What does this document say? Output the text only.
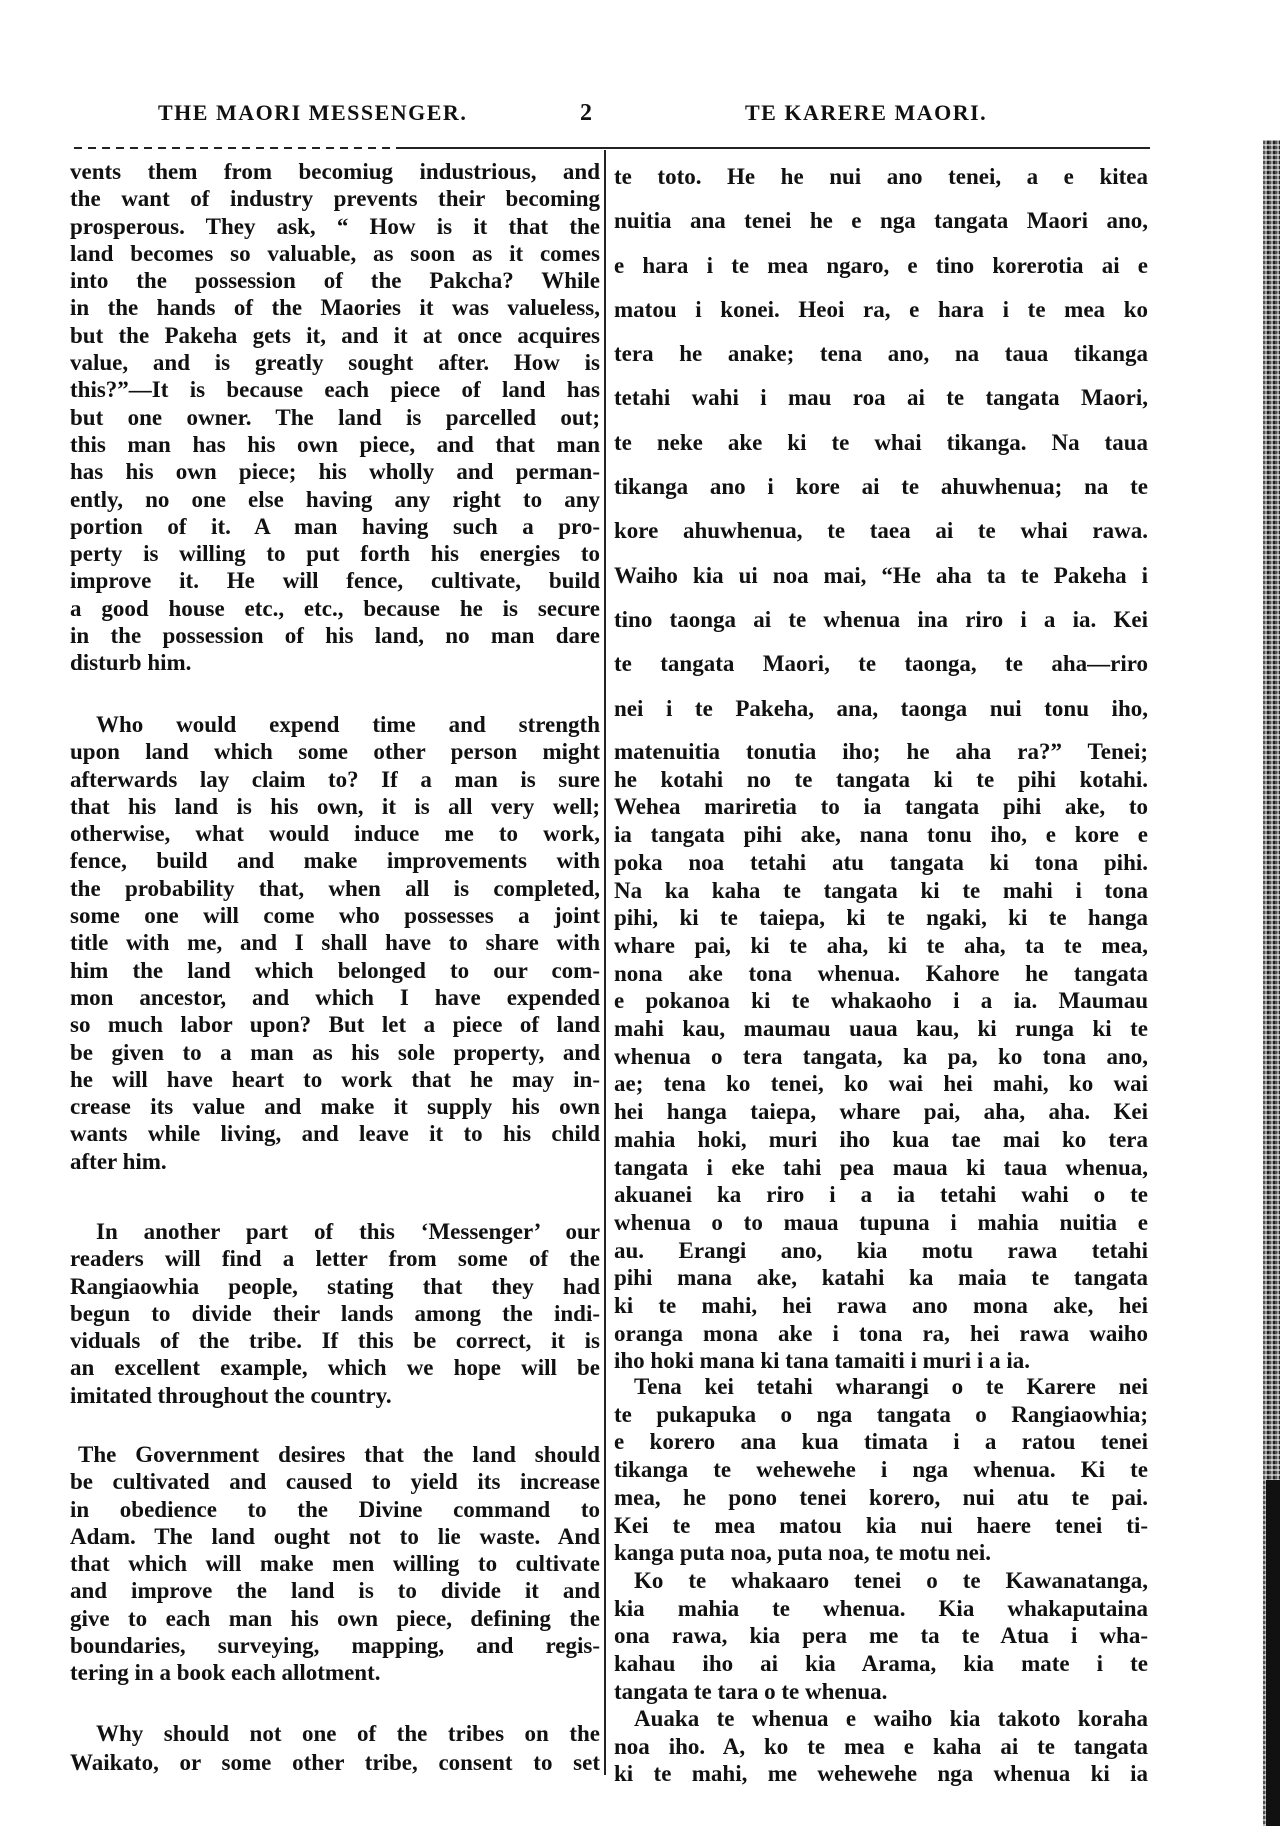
THE MAORI MESSENGER.	2	TE KARERE MAORI.
vents them from becomiug industrious, and
the want of industry prevents their becoming
prosperous. They ask, “ How is it that the
land becomes so valuable, as soon as it comes
into the possession of the Pakcha? While
in the hands of the Maories it was valueless,
but the Pakeha gets it, and it at once acquires
value, and is greatly sought after. How is
this?”—It is because each piece of land has
but one owner. The land is parcelled out;
this man has his own piece, and that man
has his own piece; his wholly and perman-
ently, no one else having any right to any
portion of it. A man having such a pro-
perty is willing to put forth his energies to
improve it. He will fence, cultivate, build
a good house etc., etc., because he is secure
in the possession of his land, no man dare
disturb him.
Who would expend time and strength
upon land which some other person might
afterwards lay claim to? If a man is sure
that his land is his own, it is all very well;
otherwise, what would induce me to work,
fence, build and make improvements with
the probability that, when all is completed,
some one will come who possesses a joint
title with me, and I shall have to share with
him the land which belonged to our com-
mon ancestor, and which I have expended
so much labor upon? But let a piece of land
be given to a man as his sole property, and
he will have heart to work that he may in-
crease its value and make it supply his own
wants while living, and leave it to his child
after him.
In another part of this ‘Messenger’ our
readers will find a letter from some of the
Rangiaowhia people, stating that they had
begun to divide their lands among the indi-
viduals of the tribe. If this be correct, it is
an excellent example, which we hope will be
imitated throughout the country.
The Government desires that the land should
be cultivated and caused to yield its increase
in obedience to the Divine command to
Adam. The land ought not to lie waste. And
that which will make men willing to cultivate
and improve the land is to divide it and
give to each man his own piece, defining the
boundaries, surveying, mapping, and regis-
tering in a book each allotment.
Why should not one of the tribes on the
Waikato, or some other tribe, consent to set
te toto. He he nui ano tenei, a e kitea
nuitia ana tenei he e nga tangata Maori ano,
e hara i te mea ngaro, e tino korerotia ai e
matou i konei. Heoi ra, e hara i te mea ko
tera he anake; tena ano, na taua tikanga
tetahi wahi i mau roa ai te tangata Maori,
te neke ake ki te whai tikanga. Na taua
tikanga ano i kore ai te ahuwhenua; na te
kore ahuwhenua, te taea ai te whai rawa.
Waiho kia ui noa mai, “He aha ta te Pakeha i
tino taonga ai te whenua ina riro i a ia. Kei
te tangata Maori, te taonga, te aha—riro
nei i te Pakeha, ana, taonga nui tonu iho,
matenuitia tonutia iho; he aha ra?” Tenei;
he kotahi no te tangata ki te pihi kotahi.
Wehea mariretia to ia tangata pihi ake, to
ia tangata pihi ake, nana tonu iho, e kore e
poka noa tetahi atu tangata ki tona pihi.
Na ka kaha te tangata ki te mahi i tona
pihi, ki te taiepa, ki te ngaki, ki te hanga
whare pai, ki te aha, ki te aha, ta te mea,
nona ake tona whenua. Kahore he tangata
e pokanoa ki te whakaoho i a ia. Maumau
mahi kau, maumau uaua kau, ki runga ki te
whenua o tera tangata, ka pa, ko tona ano,
ae; tena ko tenei, ko wai hei mahi, ko wai
hei hanga taiepa, whare pai, aha, aha. Kei
mahia hoki, muri iho kua tae mai ko tera
tangata i eke tahi pea maua ki taua whenua,
akuanei ka riro i a ia tetahi wahi o te
whenua o to maua tupuna i mahia nuitia e
au. Erangi ano, kia motu rawa tetahi
pihi mana ake, katahi ka maia te tangata
ki te mahi, hei rawa ano mona ake, hei
oranga mona ake i tona ra, hei rawa waiho
iho hoki mana ki tana tamaiti i muri i a ia.
Tena kei tetahi wharangi o te Karere nei
te pukapuka o nga tangata o Rangiaowhia;
e korero ana kua timata i a ratou tenei
tikanga te wehewehe i nga whenua. Ki te
mea, he pono tenei korero, nui atu te pai.
Kei te mea matou kia nui haere tenei ti-
kanga puta noa, puta noa, te motu nei.
Ko te whakaaro tenei o te Kawanatanga,
kia mahia te whenua. Kia whakaputaina
ona rawa, kia pera me ta te Atua i wha-
kahau iho ai kia Arama, kia mate i te
tangata te tara o te whenua.
Auaka te whenua e waiho kia takoto koraha
noa iho. A, ko te mea e kaha ai te tangata
ki te mahi, me wehewehe nga whenua ki ia
